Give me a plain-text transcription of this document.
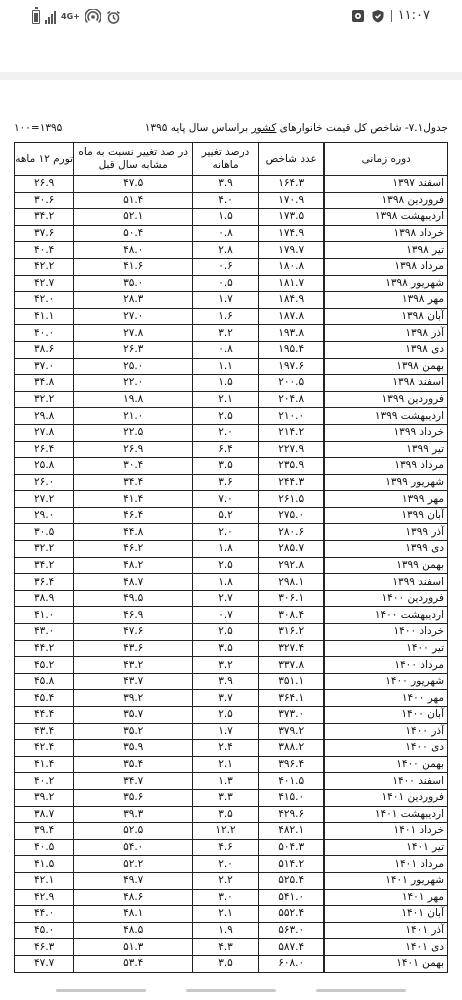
4G+	۱۱:۰۷
جدول۷.۱- شاخص کل قیمت خانوارهای کشور براساس سال پایه ۱۳۹۵
۱۳۹۵=۱۰۰
دوره زمانی	عدد شاخص	درصد تغییر ماهانه	در صد تغییر نسبت به ماه مشابه سال قبل	تورم ۱۲ ماهه
اسفند ۱۳۹۷	۱۶۴.۳	۳.۹	۴۷.۵	۲۶.۹
فروردین ۱۳۹۸	۱۷۰.۹	۴.۰	۵۱.۴	۳۰.۶
اردیبهشت ۱۳۹۸	۱۷۳.۵	۱.۵	۵۲.۱	۳۴.۲
خرداد ۱۳۹۸	۱۷۴.۹	۰.۸	۵۰.۴	۳۷.۶
تیر ۱۳۹۸	۱۷۹.۷	۲.۸	۴۸.۰	۴۰.۴
مرداد ۱۳۹۸	۱۸۰.۸	۰.۶	۴۱.۶	۴۲.۲
شهریور ۱۳۹۸	۱۸۱.۷	۰.۵	۳۵.۰	۴۲.۷
مهر ۱۳۹۸	۱۸۴.۹	۱.۷	۲۸.۳	۴۲.۰
آبان ۱۳۹۸	۱۸۷.۸	۱.۶	۲۷.۰	۴۱.۱
آذر ۱۳۹۸	۱۹۳.۸	۳.۲	۲۷.۸	۴۰.۰
دی ۱۳۹۸	۱۹۵.۴	۰.۸	۲۶.۳	۳۸.۶
بهمن ۱۳۹۸	۱۹۷.۶	۱.۱	۲۵.۰	۳۷.۰
اسفند ۱۳۹۸	۲۰۰.۵	۱.۵	۲۲.۰	۳۴.۸
فروردین ۱۳۹۹	۲۰۴.۸	۲.۱	۱۹.۸	۳۲.۲
اردیبهشت ۱۳۹۹	۲۱۰.۰	۲.۵	۲۱.۰	۲۹.۸
خرداد ۱۳۹۹	۲۱۴.۲	۲.۰	۲۲.۵	۲۷.۸
تیر ۱۳۹۹	۲۲۷.۹	۶.۴	۲۶.۹	۲۶.۴
مرداد ۱۳۹۹	۲۳۵.۹	۳.۵	۳۰.۴	۲۵.۸
شهریور ۱۳۹۹	۲۴۴.۳	۳.۶	۳۴.۴	۲۶.۰
مهر ۱۳۹۹	۲۶۱.۵	۷.۰	۴۱.۴	۲۷.۲
آبان ۱۳۹۹	۲۷۵.۰	۵.۲	۴۶.۴	۲۹.۰
آذر ۱۳۹۹	۲۸۰.۶	۲.۰	۴۴.۸	۳۰.۵
دی ۱۳۹۹	۲۸۵.۷	۱.۸	۴۶.۲	۳۲.۲
بهمن ۱۳۹۹	۲۹۲.۸	۲.۵	۴۸.۲	۳۴.۲
اسفند ۱۳۹۹	۲۹۸.۱	۱.۸	۴۸.۷	۳۶.۴
فروردین ۱۴۰۰	۳۰۶.۱	۲.۷	۴۹.۵	۳۸.۹
اردیبهشت ۱۴۰۰	۳۰۸.۴	۰.۷	۴۶.۹	۴۱.۰
خرداد ۱۴۰۰	۳۱۶.۲	۲.۵	۴۷.۶	۴۳.۰
تیر ۱۴۰۰	۳۲۷.۴	۳.۵	۴۳.۶	۴۴.۲
مرداد ۱۴۰۰	۳۳۷.۸	۳.۲	۴۳.۲	۴۵.۲
شهریور ۱۴۰۰	۳۵۱.۱	۳.۹	۴۳.۷	۴۵.۸
مهر ۱۴۰۰	۳۶۴.۱	۳.۷	۳۹.۲	۴۵.۴
آبان ۱۴۰۰	۳۷۳.۰	۲.۵	۳۵.۷	۴۴.۴
آذر ۱۴۰۰	۳۷۹.۲	۱.۷	۳۵.۲	۴۳.۴
دی ۱۴۰۰	۳۸۸.۲	۲.۴	۳۵.۹	۴۲.۴
بهمن ۱۴۰۰	۳۹۶.۴	۲.۱	۳۵.۴	۴۱.۴
اسفند ۱۴۰۰	۴۰۱.۵	۱.۳	۳۴.۷	۴۰.۲
فروردین ۱۴۰۱	۴۱۵.۰	۳.۳	۳۵.۶	۳۹.۲
اردیبهشت ۱۴۰۱	۴۲۹.۶	۳.۵	۳۹.۳	۳۸.۷
خرداد ۱۴۰۱	۴۸۲.۱	۱۲.۲	۵۲.۵	۳۹.۴
تیر ۱۴۰۱	۵۰۴.۳	۴.۶	۵۴.۰	۴۰.۵
مرداد ۱۴۰۱	۵۱۴.۲	۲.۰	۵۲.۲	۴۱.۵
شهریور ۱۴۰۱	۵۲۵.۴	۲.۲	۴۹.۷	۴۲.۱
مهر ۱۴۰۱	۵۴۱.۰	۳.۰	۴۸.۶	۴۲.۹
آبان ۱۴۰۱	۵۵۲.۴	۲.۱	۴۸.۱	۴۴.۰
آذر ۱۴۰۱	۵۶۳.۰	۱.۹	۴۸.۵	۴۵.۰
دی ۱۴۰۱	۵۸۷.۴	۴.۳	۵۱.۳	۴۶.۳
بهمن ۱۴۰۱	۶۰۸.۰	۳.۵	۵۳.۴	۴۷.۷
